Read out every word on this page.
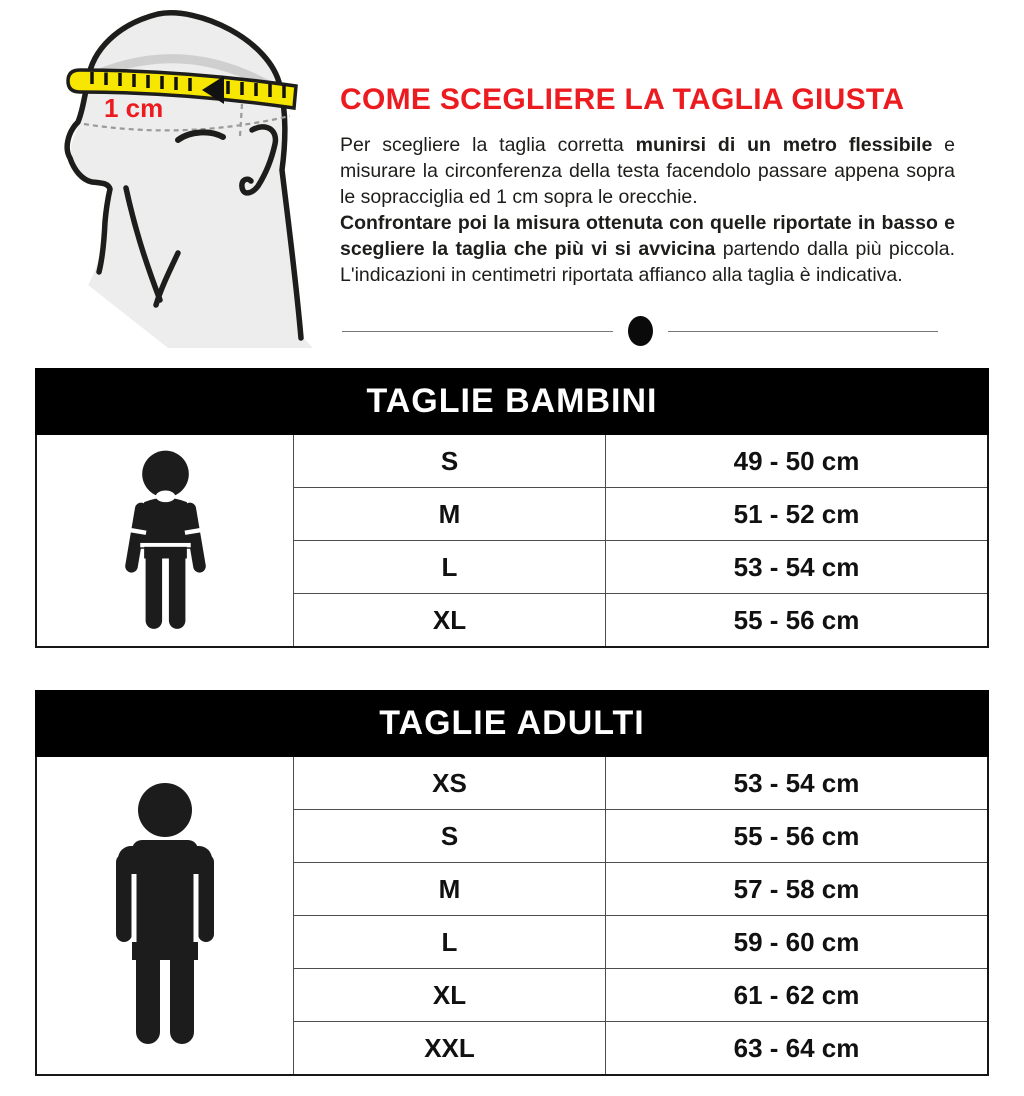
1 cm	COME SCEGLIERE LA TAGLIA GIUSTA

Per scegliere la taglia corretta munirsi di un metro flessibile e misurare la circonferenza della testa facendolo passare appena sopra le sopracciglia ed 1 cm sopra le orecchie.
Confrontare poi la misura ottenuta con quelle riportate in basso e scegliere la taglia che più vi si avvicina partendo dalla più piccola. L'indicazioni in centimetri riportata affianco alla taglia è indicativa.

TAGLIE BAMBINI
S	49 - 50 cm
M	51 - 52 cm
L	53 - 54 cm
XL	55 - 56 cm
TAGLIE ADULTI
XS	53 - 54 cm
S	55 - 56 cm
M	57 - 58 cm
L	59 - 60 cm
XL	61 - 62 cm
XXL	63 - 64 cm
